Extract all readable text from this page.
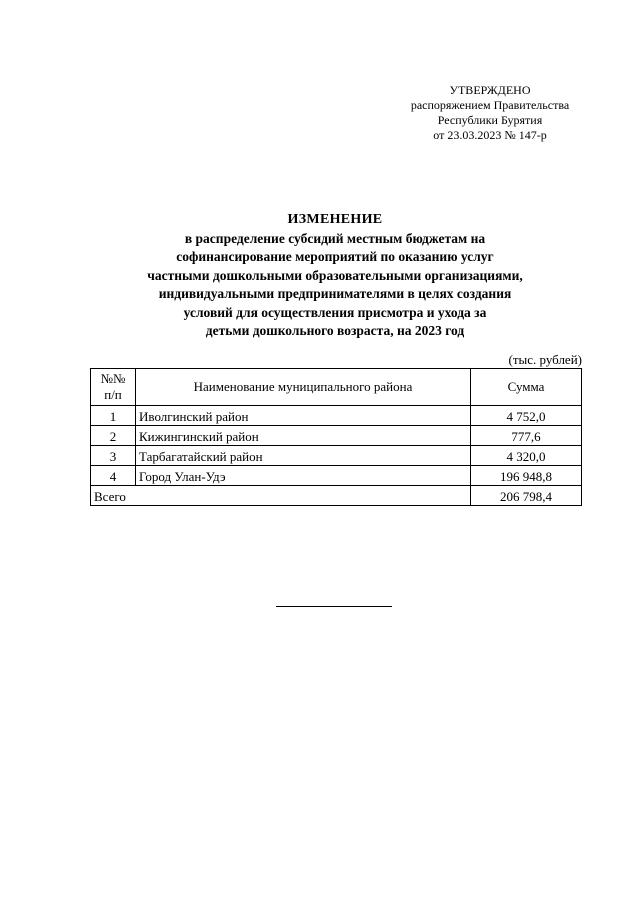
УТВЕРЖДЕНО
распоряжением Правительства
Республики Бурятия
от 23.03.2023 № 147-р
ИЗМЕНЕНИЕ
в распределение субсидий местным бюджетам на
софинансирование мероприятий по оказанию услуг
частными дошкольными образовательными организациями,
индивидуальными предпринимателями в целях создания
условий для осуществления присмотра и ухода за
детьми дошкольного возраста, на 2023 год
(тыс. рублей)
№№ п/п	Наименование муниципального района	Сумма
1	Иволгинский район	4 752,0
2	Кижингинский район	777,6
3	Тарбагатайский район	4 320,0
4	Город Улан-Удэ	196 948,8
Всего		206 798,4
